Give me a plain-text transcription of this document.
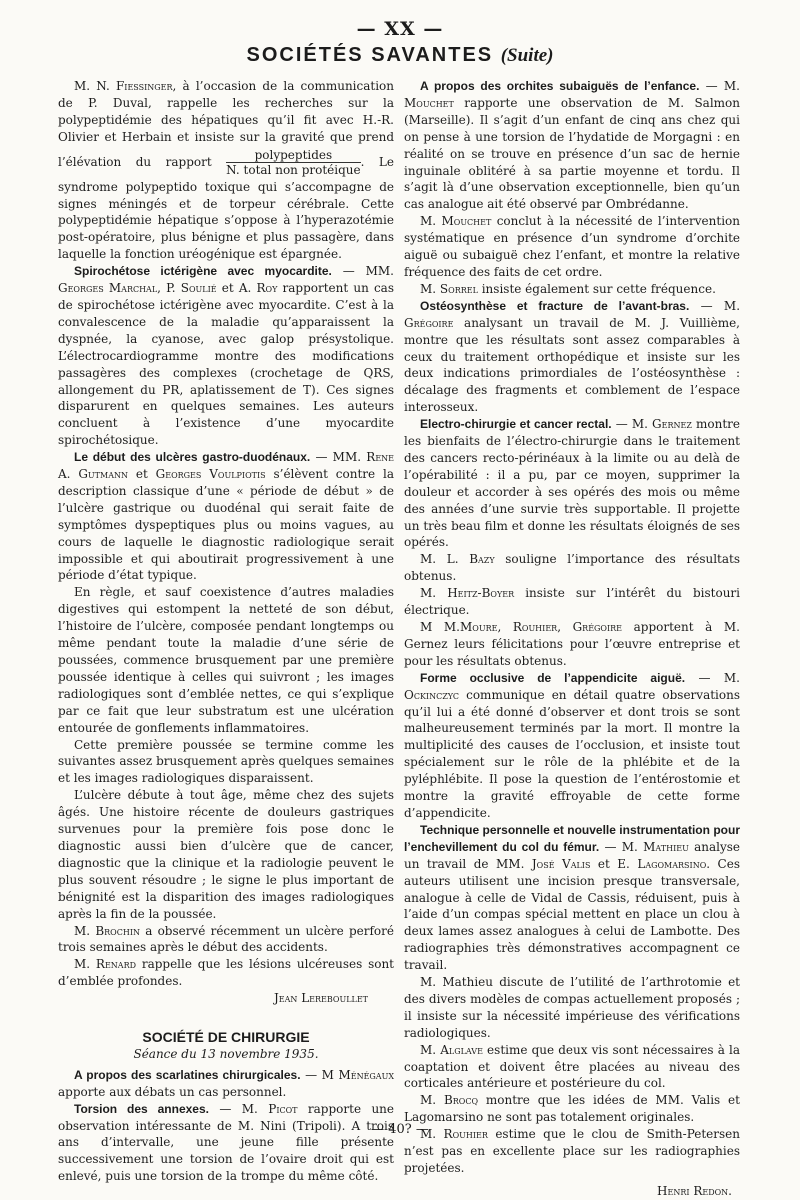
— XX —
SOCIÉTÉS SAVANTES (Suite)

M. N. Fiessinger, à l’occasion de la communication de P. Duval, rappelle les recherches sur la polypeptidémie des hépatiques qu’il fit avec H.-R. Olivier et Herbain et insiste sur la gravité que prend l’élévation du rapport $\frac{\text{polypeptides}}{\text{N. total non protéique}}$ . Le syndrome polypeptido toxique qui s’accompagne de signes méningés et de torpeur cérébrale. Cette polypeptidémie hépatique s’oppose à l’hyperazotémie post-opératoire, plus bénigne et plus passagère, dans laquelle la fonction uréogénique est épargnée.

Spirochétose ictérigène avec myocardite. — MM. Georges Marchal, P. Soulié et A. Roy rapportent un cas de spirochétose ictérigène avec myocardite. C’est à la convalescence de la maladie qu’apparaissent la dyspnée, la cyanose, avec galop présystolique. L’électrocardiogramme montre des modifications passagères des complexes (crochetage de QRS, allongement du PR, aplatissement de T). Ces signes disparurent en quelques semaines. Les auteurs concluent à l’existence d’une myocardite spirochétosique.

Le début des ulcères gastro-duodénaux. — MM. Rene A. Gutmann et Georges Voulpiotis s’élèvent contre la description classique d’une « période de début » de l’ulcère gastrique ou duodénal qui serait faite de symptômes dyspeptiques plus ou moins vagues, au cours de laquelle le diagnostic radiologique serait impossible et qui aboutirait progressivement à une période d’état typique.

En règle, et sauf coexistence d’autres maladies digestives qui estompent la netteté de son début, l’histoire de l’ulcère, composée pendant longtemps ou même pendant toute la maladie d’une série de poussées, commence brusquement par une première poussée identique à celles qui suivront ; les images radiologiques sont d’emblée nettes, ce qui s’explique par ce fait que leur substratum est une ulcération entourée de gonflements inflammatoires.

Cette première poussée se termine comme les suivantes assez brusquement après quelques semaines et les images radiologiques disparaissent.

L’ulcère débute à tout âge, même chez des sujets âgés. Une histoire récente de douleurs gastriques survenues pour la première fois pose donc le diagnostic aussi bien d’ulcère que de cancer, diagnostic que la clinique et la radiologie peuvent le plus souvent résoudre ; le signe le plus important de bénignité est la disparition des images radiologiques après la fin de la poussée.

M. Brochin a observé récemment un ulcère perforé trois semaines après le début des accidents.

M. Renard rappelle que les lésions ulcéreuses sont d’emblée profondes.

Jean Lereboullet

SOCIÉTÉ DE CHIRURGIE

Séance du 13 novembre 1935.

A propos des scarlatines chirurgicales. — M Ménégaux apporte aux débats un cas personnel.

Torsion des annexes. — M. Picot rapporte une observation intéressante de M. Nini (Tripoli). A trois ans d’intervalle, une jeune fille présente successivement une torsion de l’ovaire droit qui est enlevé, puis une torsion de la trompe du même côté.

A propos des orchites subaiguës de l’enfance. — M. Mouchet rapporte une observation de M. Salmon (Marseille). Il s’agit d’un enfant de cinq ans chez qui on pense à une torsion de l’hydatide de Morgagni : en réalité on se trouve en présence d’un sac de hernie inguinale oblitéré à sa partie moyenne et tordu. Il s’agit là d’une observation exceptionnelle, bien qu’un cas analogue ait été observé par Ombrédanne.

M. Mouchet conclut à la nécessité de l’intervention systématique en présence d’un syndrome d’orchite aiguë ou subaiguë chez l’enfant, et montre la relative fréquence des faits de cet ordre.

M. Sorrel insiste également sur cette fréquence.

Ostéosynthèse et fracture de l’avant-bras. — M. Grégoire analysant un travail de M. J. Vuillième, montre que les résultats sont assez comparables à ceux du traitement orthopédique et insiste sur les deux indications primordiales de l’ostéosynthèse : décalage des fragments et comblement de l’espace interosseux.

Electro-chirurgie et cancer rectal. — M. Gernez montre les bienfaits de l’électro-chirurgie dans le traitement des cancers recto-périnéaux à la limite ou au delà de l’opérabilité : il a pu, par ce moyen, supprimer la douleur et accorder à ses opérés des mois ou même des années d’une survie très supportable. Il projette un très beau film et donne les résultats éloignés de ses opérés.

M. L. Bazy souligne l’importance des résultats obtenus.

M. Heitz-Boyer insiste sur l’intérêt du bistouri électrique.

M M.Moure, Rouhier, Grégoire apportent à M. Gernez leurs félicitations pour l’œuvre entreprise et pour les résultats obtenus.

Forme occlusive de l’appendicite aiguë. — M. Ockinczyc communique en détail quatre observations qu’il lui a été donné d’observer et dont trois se sont malheureusement terminés par la mort. Il montre la multiplicité des causes de l’occlusion, et insiste tout spécialement sur le rôle de la phlébite et de la pyléphlébite. Il pose la question de l’entérostomie et montre la gravité effroyable de cette forme d’appendicite.

Technique personnelle et nouvelle instrumentation pour l’enchevillement du col du fémur. — M. Mathieu analyse un travail de MM. José Valis et E. Lagomarsino. Ces auteurs utilisent une incision presque transversale, analogue à celle de Vidal de Cassis, réduisent, puis à l’aide d’un compas spécial mettent en place un clou à deux lames assez analogues à celui de Lambotte. Des radiographies très démonstratives accompagnent ce travail.

M. Mathieu discute de l’utilité de l’arthrotomie et des divers modèles de compas actuellement proposés ; il insiste sur la nécessité impérieuse des vérifications radiologiques.

M. Alglave estime que deux vis sont nécessaires à la coaptation et doivent être placées au niveau des corticales antérieure et postérieure du col.

M. Brocq montre que les idées de MM. Valis et Lagomarsino ne sont pas totalement originales.

M. Rouhier estime que le clou de Smith-Petersen n’est pas en excellente place sur les radiographies projetées.

Henri Redon.

— 40? —
